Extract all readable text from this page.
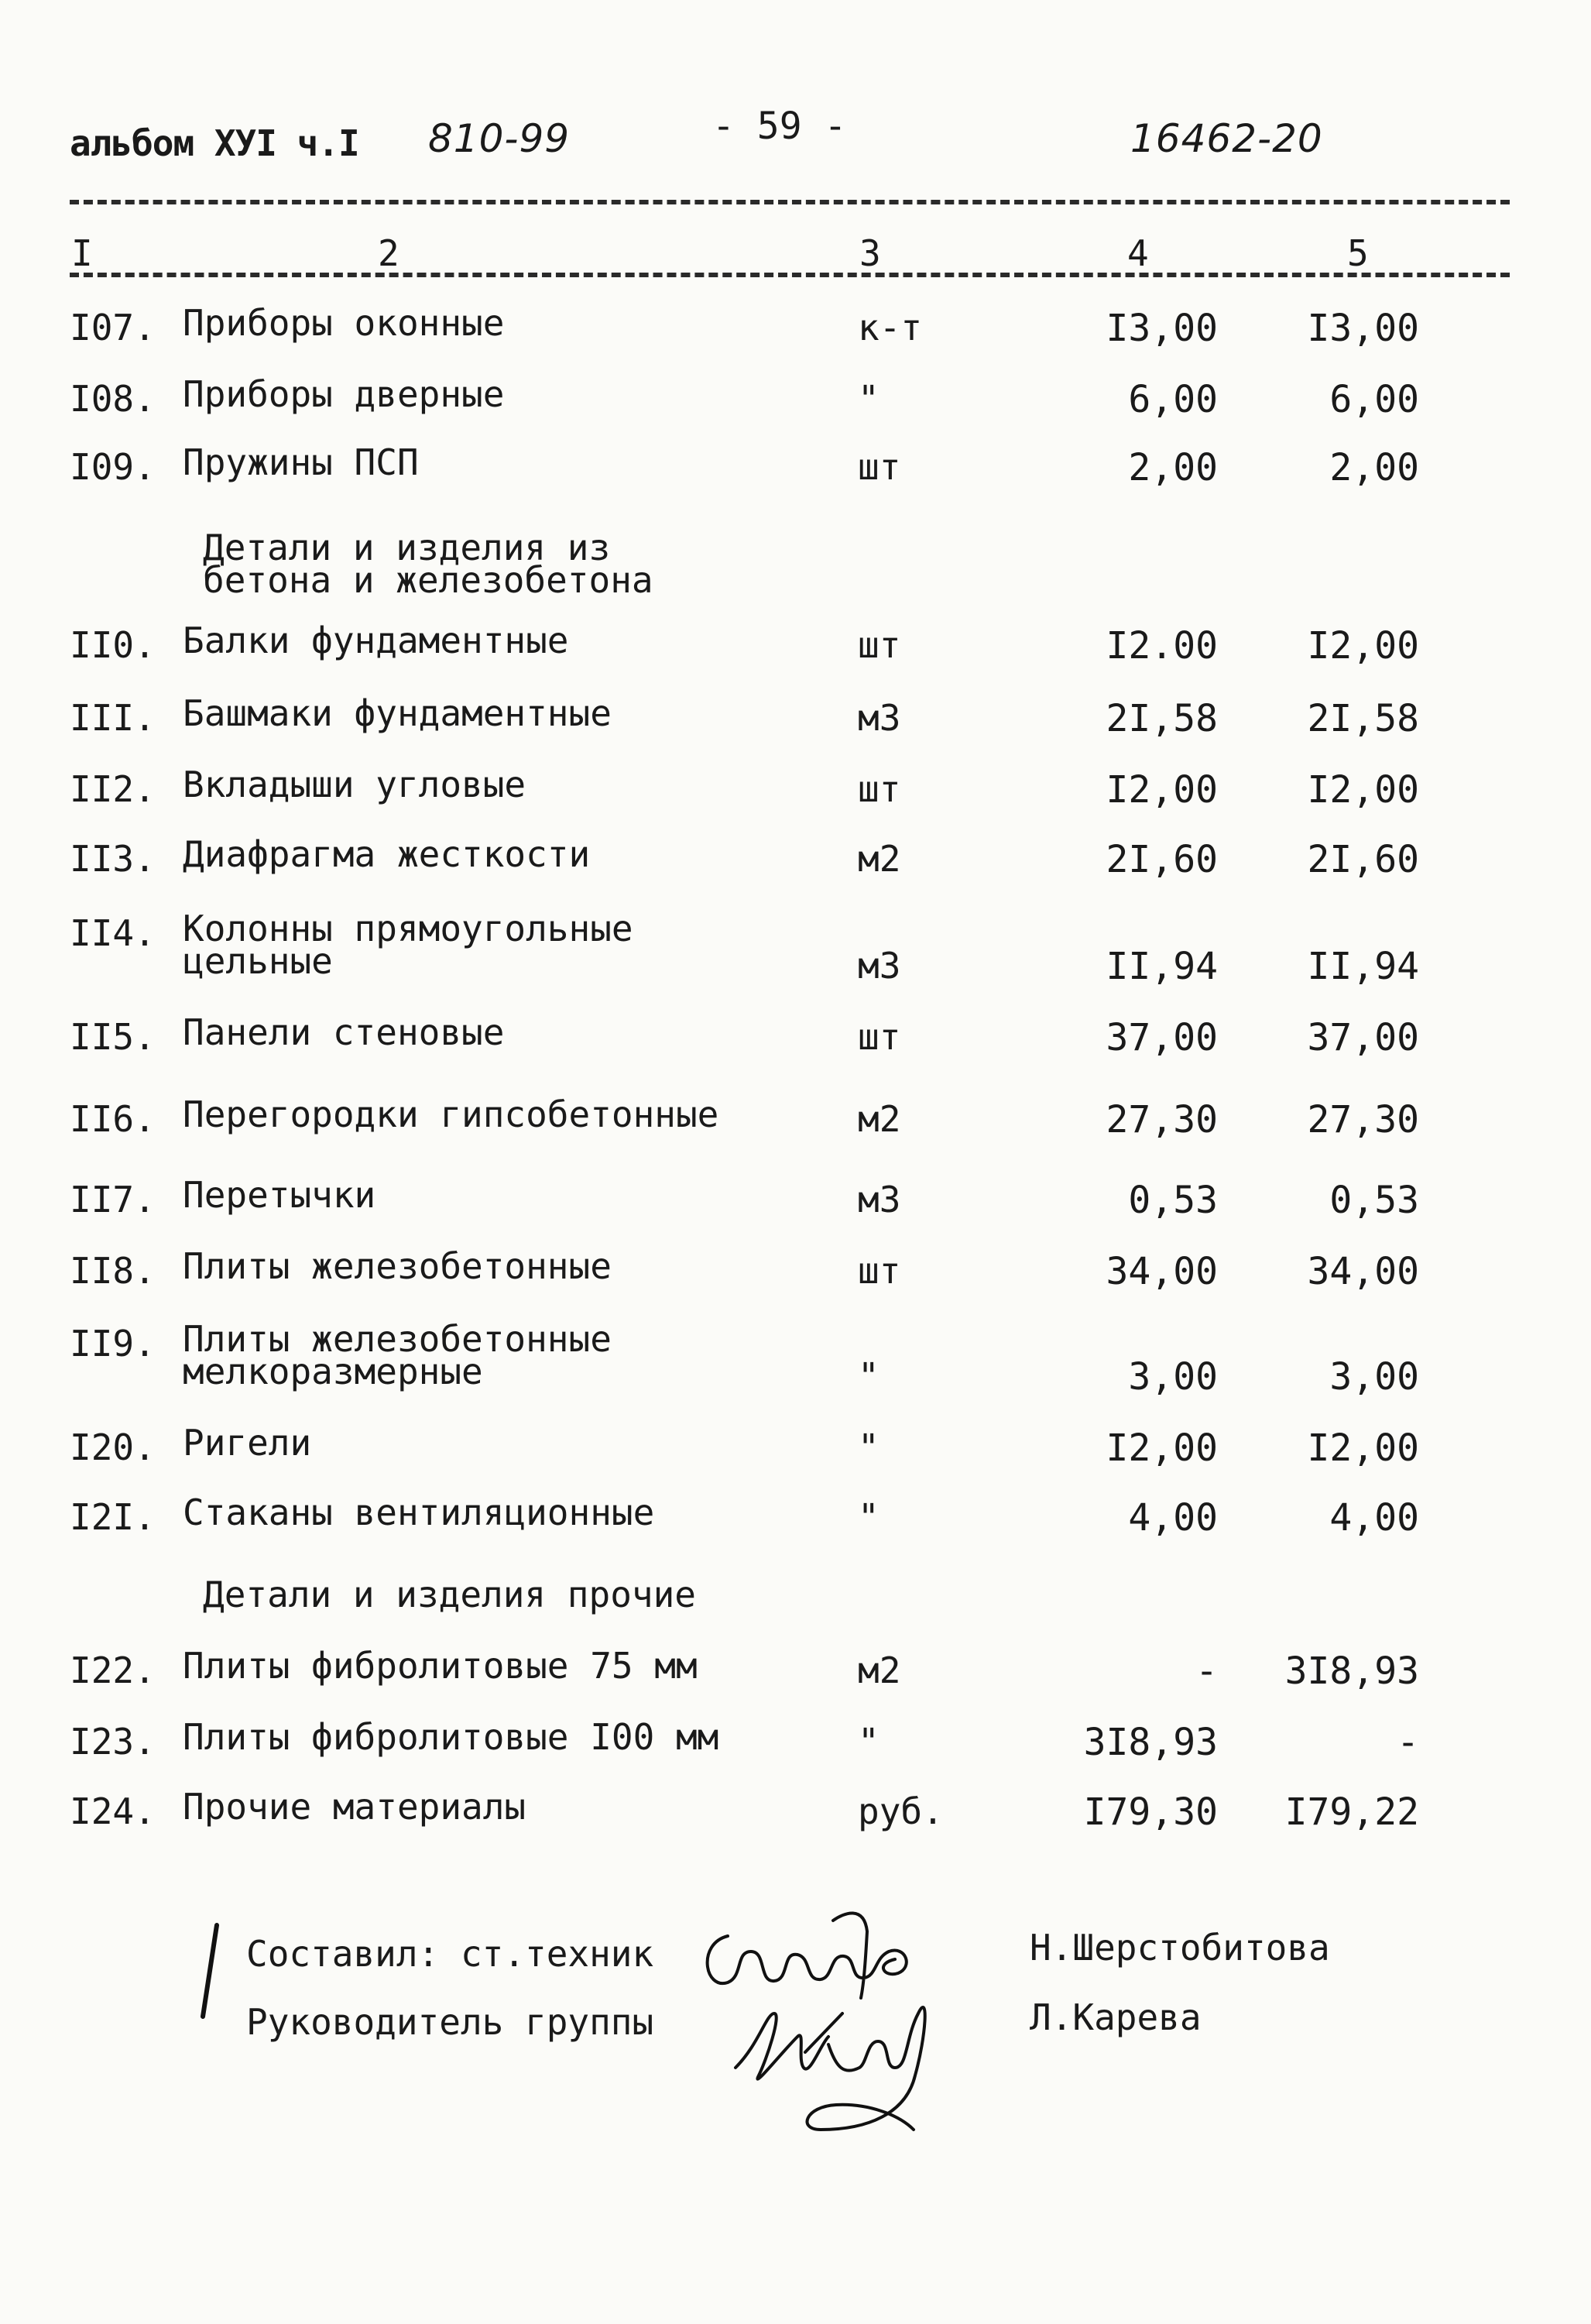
альбом ХУI ч.I 810-99	- 59 -	16462-20
I	2	3	4	5
I07. Приборы оконные	к-т	I3,00 I3,00
I08. Приборы дверные	"	6,00	6,00
I09. Пружины ПСП	шт	2,00	2,00
Детали и изделия из бетона и железобетона
II0. Балки фундаментные	шт	I2.00 I2,00
III. Башмаки фундаментные	м3	2I,58 2I,58
II2. Вкладыши угловые	шт	I2,00 I2,00
II3. Диафрагма жесткости	м2	2I,60 2I,60
II4. Колонны прямоугольные цельные	м3	II,94 II,94
II5. Панели стеновые	шт	37,00 37,00
II6. Перегородки гипсобетонные	м2	27,30 27,30
II7. Перетычки	м3	0,53	0,53
II8. Плиты железобетонные	шт	34,00 34,00
II9. Плиты железобетонные мелкоразмерные	"	3,00	3,00
I20. Ригели	"	I2,00 I2,00
I2I. Стаканы вентиляционные	"	4,00	4,00
Детали и изделия прочие
I22. Плиты фибролитовые 75 мм	м2	- 3I8,93
I23. Плиты фибролитовые I00 мм	"	3I8,93	-
I24. Прочие материалы	руб.	I79,30 I79,22
Составил: ст.техник	Н.Шерстобитова
Руководитель группы	Л.Карева
